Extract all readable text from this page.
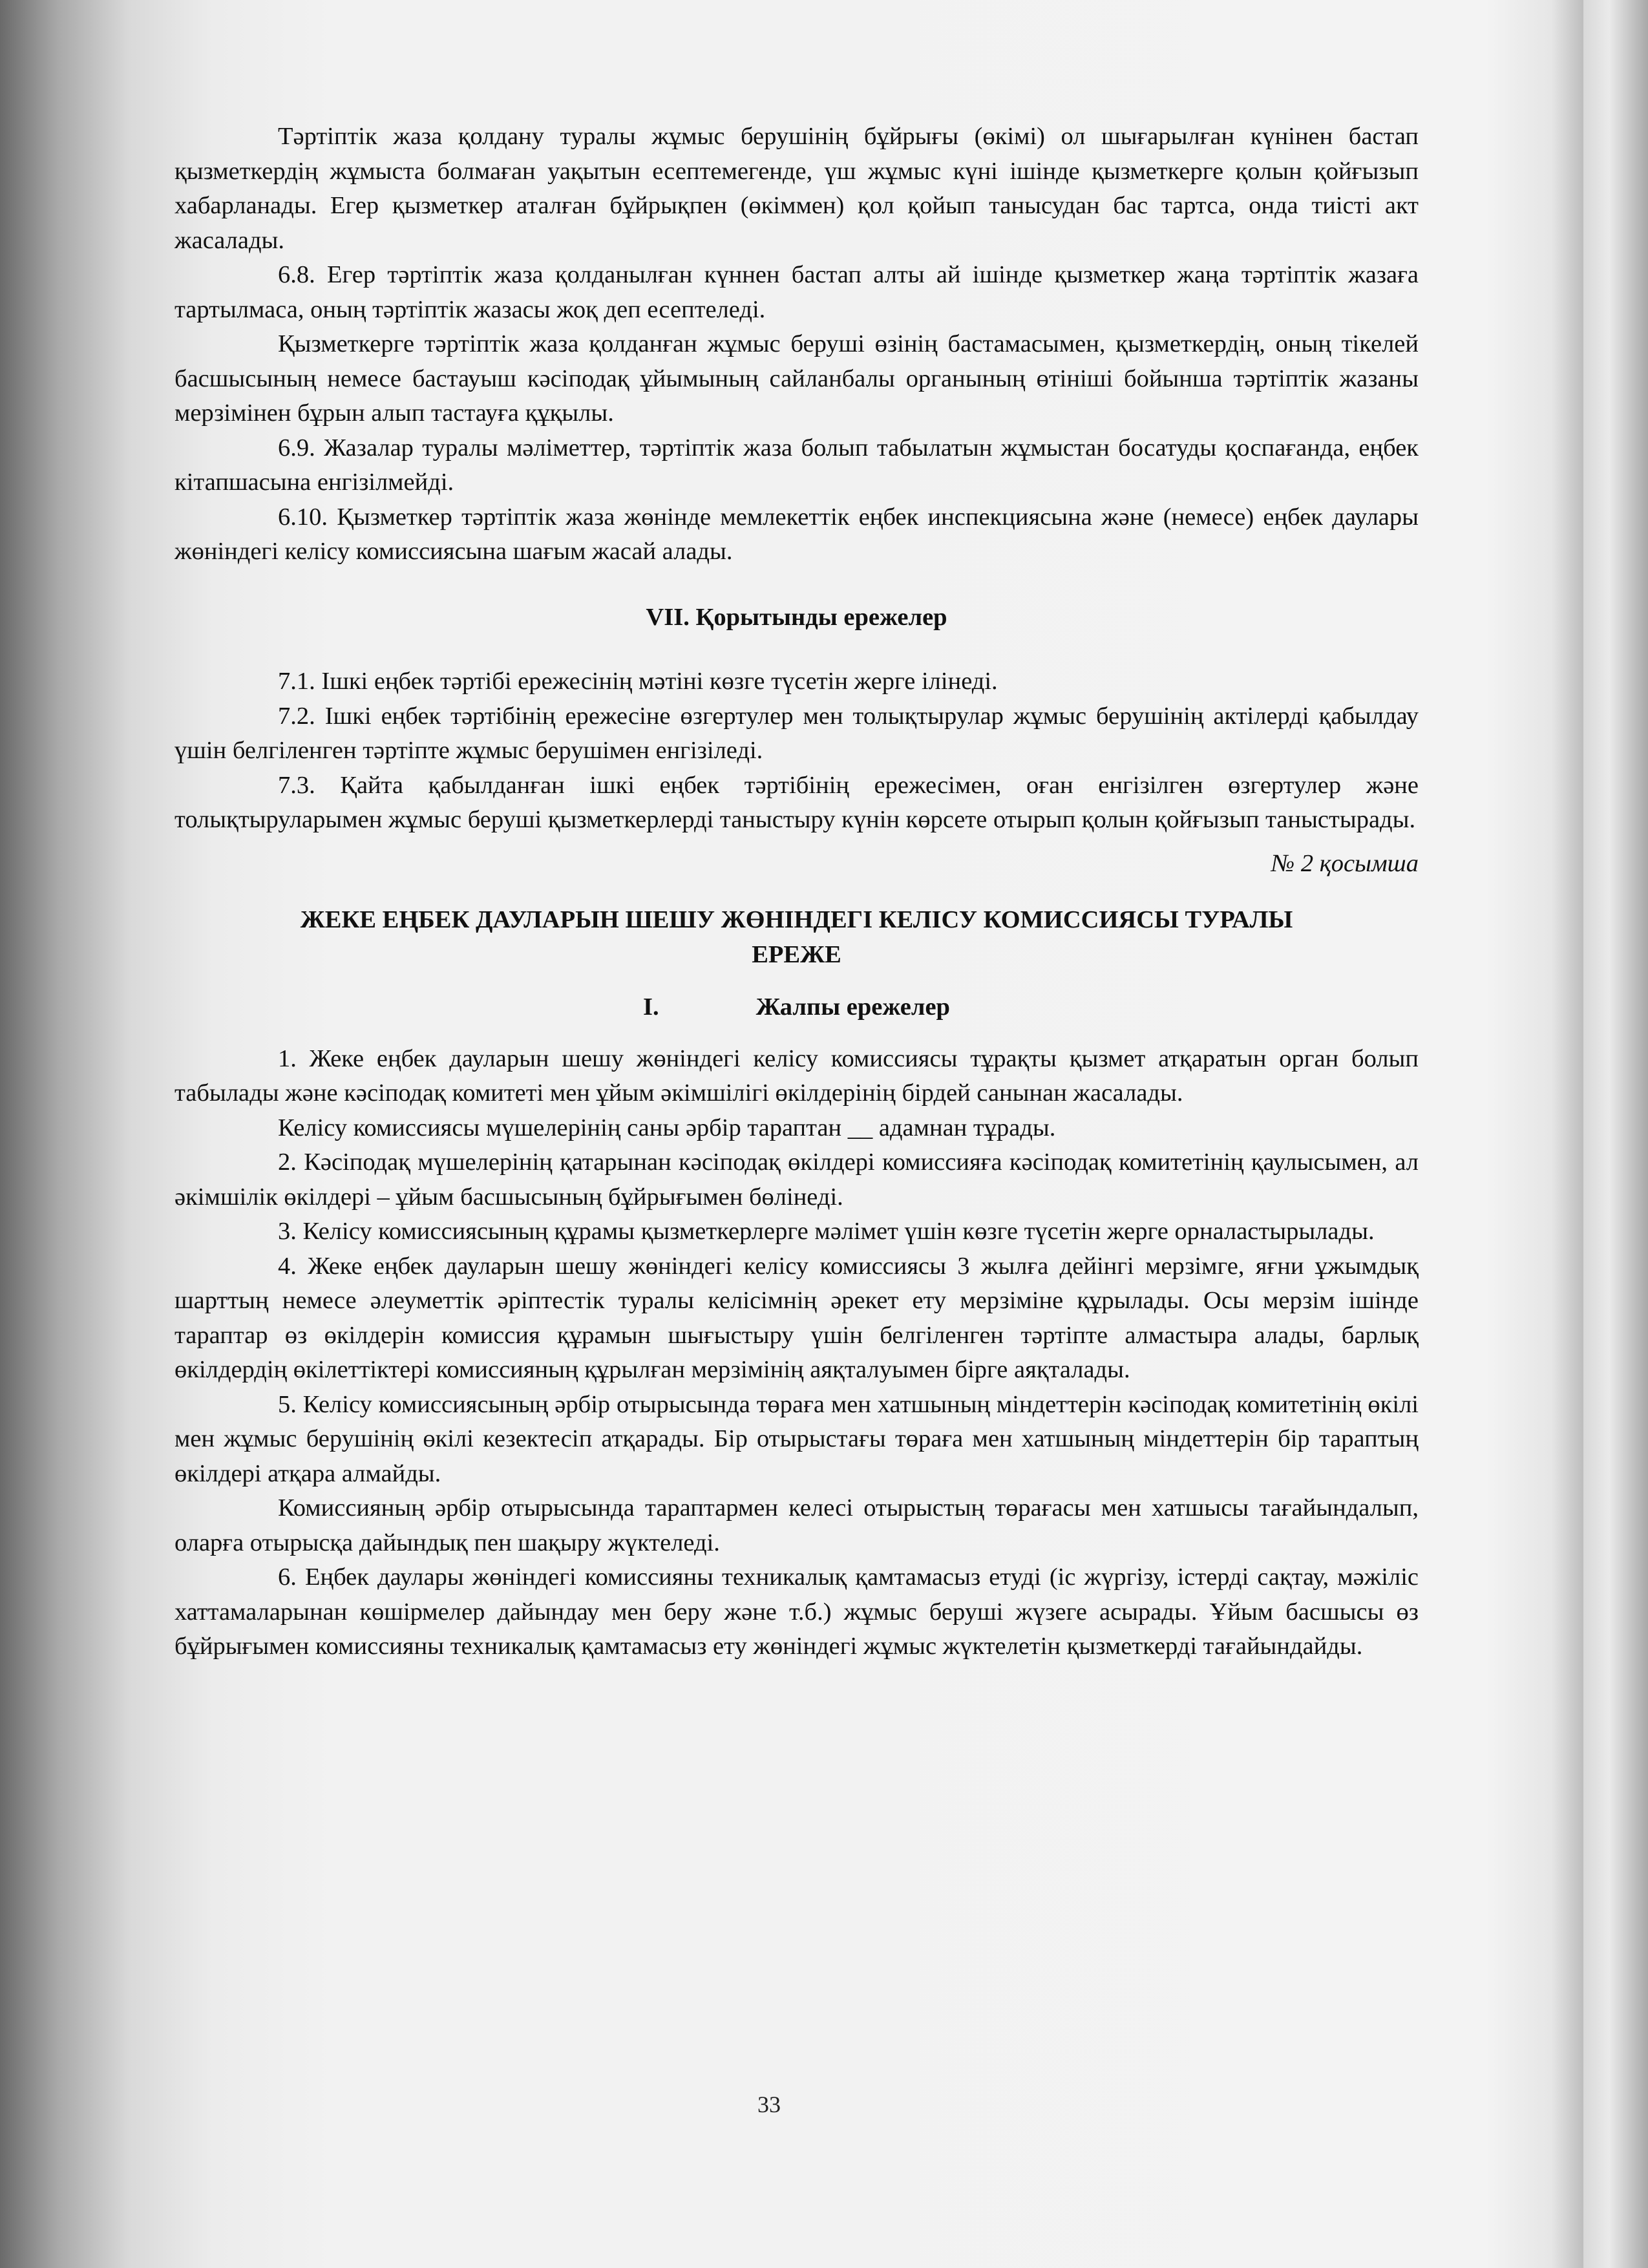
Тәртіптік жаза қолдану туралы жұмыс берушінің бұйрығы (өкімі) ол шығарылған күнінен бастап қызметкердің жұмыста болмаған уақытын есептемегенде, үш жұмыс күні ішінде қызметкерге қолын қойғызып хабарланады. Егер қызметкер аталған бұйрықпен (өкіммен) қол қойып танысудан бас тартса, онда тиісті акт жасалады.

6.8. Егер тәртіптік жаза қолданылған күннен бастап алты ай ішінде қызметкер жаңа тәртіптік жазаға тартылмаса, оның тәртіптік жазасы жоқ деп есептеледі.

Қызметкерге тәртіптік жаза қолданған жұмыс беруші өзінің бастамасымен, қызметкердің, оның тікелей басшысының немесе бастауыш кәсіподақ ұйымының сайланбалы органының өтініші бойынша тәртіптік жазаны мерзімінен бұрын алып тастауға құқылы.

6.9. Жазалар туралы мәліметтер, тәртіптік жаза болып табылатын жұмыстан босатуды қоспағанда, еңбек кітапшасына енгізілмейді.

6.10. Қызметкер тәртіптік жаза жөнінде мемлекеттік еңбек инспекциясына және (немесе) еңбек даулары жөніндегі келісу комиссиясына шағым жасай алады.

VII. Қорытынды ережелер

7.1. Ішкі еңбек тәртібі ережесінің мәтіні көзге түсетін жерге ілінеді.

7.2. Ішкі еңбек тәртібінің ережесіне өзгертулер мен толықтырулар жұмыс берушінің актілерді қабылдау үшін белгіленген тәртіпте жұмыс берушімен енгізіледі.

7.3. Қайта қабылданған ішкі еңбек тәртібінің ережесімен, оған енгізілген өзгертулер және толықтыруларымен жұмыс беруші қызметкерлерді таныстыру күнін көрсете отырып қолын қойғызып таныстырады.

№ 2 қосымша

ЖЕКЕ ЕҢБЕК ДАУЛАРЫН ШЕШУ ЖӨНІНДЕГІ КЕЛІСУ КОМИССИЯСЫ ТУРАЛЫ
ЕРЕЖЕ

I.	Жалпы ережелер

1. Жеке еңбек дауларын шешу жөніндегі келісу комиссиясы тұрақты қызмет атқаратын орган болып табылады және кәсіподақ комитеті мен ұйым әкімшілігі өкілдерінің бірдей санынан жасалады.

Келісу комиссиясы мүшелерінің саны әрбір тараптан __ адамнан тұрады.

2. Кәсіподақ мүшелерінің қатарынан кәсіподақ өкілдері комиссияға кәсіподақ комитетінің қаулысымен, ал әкімшілік өкілдері – ұйым басшысының бұйрығымен бөлінеді.

3. Келісу комиссиясының құрамы қызметкерлерге мәлімет үшін көзге түсетін жерге орналастырылады.

4. Жеке еңбек дауларын шешу жөніндегі келісу комиссиясы 3 жылға дейінгі мерзімге, яғни ұжымдық шарттың немесе әлеуметтік әріптестік туралы келісімнің әрекет ету мерзіміне құрылады. Осы мерзім ішінде тараптар өз өкілдерін комиссия құрамын шығыстыру үшін белгіленген тәртіпте алмастыра алады, барлық өкілдердің өкілеттіктері комиссияның құрылған мерзімінің аяқталуымен бірге аяқталады.

5. Келісу комиссиясының әрбір отырысында төраға мен хатшының міндеттерін кәсіподақ комитетінің өкілі мен жұмыс берушінің өкілі кезектесіп атқарады. Бір отырыстағы төраға мен хатшының міндеттерін бір тараптың өкілдері атқара алмайды.

Комиссияның әрбір отырысында тараптармен келесі отырыстың төрағасы мен хатшысы тағайындалып, оларға отырысқа дайындық пен шақыру жүктеледі.

6. Еңбек даулары жөніндегі комиссияны техникалық қамтамасыз етуді (іс жүргізу, істерді сақтау, мәжіліс хаттамаларынан көшірмелер дайындау мен беру және т.б.) жұмыс беруші жүзеге асырады. Ұйым басшысы өз бұйрығымен комиссияны техникалық қамтамасыз ету жөніндегі жұмыс жүктелетін қызметкерді тағайындайды.

33
